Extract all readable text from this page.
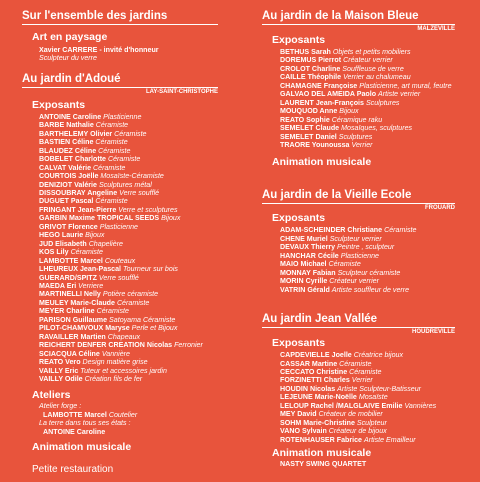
Sur l'ensemble des jardins
Art en paysage
Xavier CARRERE - invité d'honneur
Sculpteur du verre
Au jardin d'Adoué
LAY-SAINT-CHRISTOPHE
Exposants
ANTOINE Caroline Plasticienne
BARBE Nathalie Céramiste
BARTHELEMY Olivier Céramiste
BASTIEN Céline Céramiste
BLAUDEZ Céline Céramiste
BOBELET Charlotte Céramiste
CALVAT Valérie Céramiste
COURTOIS Joëlle Mosaïste-Céramiste
DENIZIOT Valérie Sculptures métal
DISSOUBRAY Angeline Verre soufflé
DUGUET Pascal Céramiste
FRINGANT Jean-Pierre Verre et sculptures
GARBIN Maxime TROPICAL SEEDS Bijoux
GRIVOT Florence Plasticienne
HEGO Laurie Bijoux
JUD Elisabeth Chapelière
KOS Lily Céramiste
LAMBOTTE Marcel Couteaux
LHEUREUX Jean-Pascal Tourneur sur bois
GUERARD/SPITZ Verre soufflé
MAEDA Eri Verriere
MARTINELLI Nelly Potière céramiste
MEULEY Marie-Claude Céramiste
MEYER Charline Céramiste
PARISON Guillaume Satoyama Céramiste
PILOT-CHAMVOUX Maryse Perle et Bijoux
RAVAILLER Martien Chapeaux
REICHERT DENFER CREATION Nicolas Ferronier
SCIACQUA Céline Vannière
REATO Vero Design matière grise
VAILLY Eric Tuteur et accessoires jardin
VAILLY Odile Création fils de fer
Ateliers
Atelier forge :
LAMBOTTE Marcel Coutelier
La terre dans tous ses états :
ANTOINE Caroline
Animation musicale
Petite restauration
Au jardin de la Maison Bleue
MALZEVILLE
Exposants
BETHUS Sarah Objets et petits mobiliers
DOREMUS Pierrot Créateur verrier
CROLOT Charline Souffleuse de verre
CAILLE Théophile Verrier au chalumeau
CHAMAGNE Françoise Plasticienne, art mural, feutre
GALVAO DEL AMEIDA Paolo Artiste verrier
LAURENT Jean-François Sculptures
MOUQUOD Anne Bijoux
REATO Sophie Céramique raku
SEMELET Claude Mosaïques, sculptures
SEMELET Daniel Sculptures
TRAORE Younoussa Verrier
Animation musicale
Au jardin de la Vieille Ecole
FROUARD
Exposants
ADAM-SCHEINDER Christiane Céramiste
CHENE Muriel Sculpteur verrier
DEVAUX Thierry Peintre , sculpteur
HANCHAR Cécile Plasticienne
MAIO Michael Céramiste
MONNAY Fabian Sculpteur céramiste
MORIN Cyrille Créateur verrier
VATRIN Gérald Artiste souffleur de verre
Au jardin Jean Vallée
HOUDREVILLE
Exposants
CAPDEVIELLE Joelle Créatrice bijoux
CASSAR Martine Céramiste
CECCATO Christine Céramiste
FORZINETTI Charles Verrier
HOUDIN Nicolas Artiste Sculpteur-Batisseur
LEJEUNE Marie-Noëlle Mosaïste
LELOUP Rachel /MALGLAIVE Emilie Vannières
MEY David Créateur de mobilier
SOHM Marie-Christine Sculpteur
VANO Sylvain Créateur de bijoux
ROTENHAUSER Fabrice Artiste Emailleur
Animation musicale
NASTY SWING QUARTET
